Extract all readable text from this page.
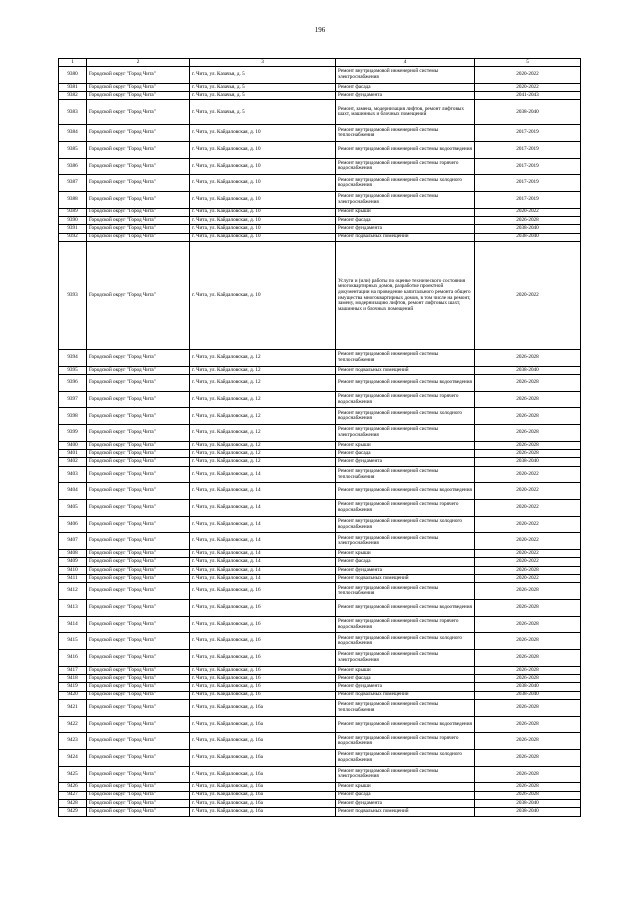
196
1	2	3	4	5
9380	Городской округ "Город Чита"	г. Чита, ул. Казачья, д. 5	Ремонт внутридомовой инженерной системы электроснабжения	2020-2022
9381	Городской округ "Город Чита"	г. Чита, ул. Казачья, д. 5	Ремонт фасада	2020-2022
9382	Городской округ "Город Чита"	г. Чита, ул. Казачья, д. 5	Ремонт фундамента	2041-2043
9383	Городской округ "Город Чита"	г. Чита, ул. Казачья, д. 5	Ремонт, замена, модернизация лифтов, ремонт лифтовых шахт, машинных и блочных помещений	2038-2040
9384	Городской округ "Город Чита"	г. Чита, ул. Кайдаловская, д. 10	Ремонт внутридомовой инженерной системы теплоснабжения	2017-2019
9385	Городской округ "Город Чита"	г. Чита, ул. Кайдаловская, д. 10	Ремонт внутридомовой инженерной системы водоотведения	2017-2019
9386	Городской округ "Город Чита"	г. Чита, ул. Кайдаловская, д. 10	Ремонт внутридомовой инженерной системы горячего водоснабжения	2017-2019
9387	Городской округ "Город Чита"	г. Чита, ул. Кайдаловская, д. 10	Ремонт внутридомовой инженерной системы холодного водоснабжения	2017-2019
9388	Городской округ "Город Чита"	г. Чита, ул. Кайдаловская, д. 10	Ремонт внутридомовой инженерной системы электроснабжения	2017-2019
9389	Городской округ "Город Чита"	г. Чита, ул. Кайдаловская, д. 10	Ремонт крыши	2020-2022
9390	Городской округ "Город Чита"	г. Чита, ул. Кайдаловская, д. 10	Ремонт фасада	2026-2028
9391	Городской округ "Город Чита"	г. Чита, ул. Кайдаловская, д. 10	Ремонт фундамента	2038-2040
9392	Городской округ "Город Чита"	г. Чита, ул. Кайдаловская, д. 10	Ремонт подвальных помещений	2038-2040
9393	Городской округ "Город Чита"	г. Чита, ул. Кайдаловская, д. 10	Услуги и (или) работы по оценке технического состояния многоквартирных домов, разработке проектной документации на проведение капитального ремонта общего имущества многоквартирных домов, в том числе на ремонт, замену, модернизацию лифтов, ремонт лифтовых шахт, машинных и блочных помещений	2020-2022
9394	Городской округ "Город Чита"	г. Чита, ул. Кайдаловская, д. 12	Ремонт внутридомовой инженерной системы теплоснабжения	2026-2028
9395	Городской округ "Город Чита"	г. Чита, ул. Кайдаловская, д. 12	Ремонт подвальных помещений	2038-2040
9396	Городской округ "Город Чита"	г. Чита, ул. Кайдаловская, д. 12	Ремонт внутридомовой инженерной системы водоотведения	2026-2028
9397	Городской округ "Город Чита"	г. Чита, ул. Кайдаловская, д. 12	Ремонт внутридомовой инженерной системы горячего водоснабжения	2026-2028
9398	Городской округ "Город Чита"	г. Чита, ул. Кайдаловская, д. 12	Ремонт внутридомовой инженерной системы холодного водоснабжения	2026-2028
9399	Городской округ "Город Чита"	г. Чита, ул. Кайдаловская, д. 12	Ремонт внутридомовой инженерной системы электроснабжения	2026-2028
9400	Городской округ "Город Чита"	г. Чита, ул. Кайдаловская, д. 12	Ремонт крыши	2026-2028
9401	Городской округ "Город Чита"	г. Чита, ул. Кайдаловская, д. 12	Ремонт фасада	2026-2028
9402	Городской округ "Город Чита"	г. Чита, ул. Кайдаловская, д. 12	Ремонт фундамента	2038-2040
9403	Городской округ "Город Чита"	г. Чита, ул. Кайдаловская, д. 14	Ремонт внутридомовой инженерной системы теплоснабжения	2020-2022
9404	Городской округ "Город Чита"	г. Чита, ул. Кайдаловская, д. 14	Ремонт внутридомовой инженерной системы водоотведения	2020-2022
9405	Городской округ "Город Чита"	г. Чита, ул. Кайдаловская, д. 14	Ремонт внутридомовой инженерной системы горячего водоснабжения	2020-2022
9406	Городской округ "Город Чита"	г. Чита, ул. Кайдаловская, д. 14	Ремонт внутридомовой инженерной системы холодного водоснабжения	2020-2022
9407	Городской округ "Город Чита"	г. Чита, ул. Кайдаловская, д. 14	Ремонт внутридомовой инженерной системы электроснабжения	2020-2022
9408	Городской округ "Город Чита"	г. Чита, ул. Кайдаловская, д. 14	Ремонт крыши	2020-2022
9409	Городской округ "Город Чита"	г. Чита, ул. Кайдаловская, д. 14	Ремонт фасада	2020-2022
9410	Городской округ "Город Чита"	г. Чита, ул. Кайдаловская, д. 14	Ремонт фундамента	2026-2028
9411	Городской округ "Город Чита"	г. Чита, ул. Кайдаловская, д. 14	Ремонт подвальных помещений	2020-2022
9412	Городской округ "Город Чита"	г. Чита, ул. Кайдаловская, д. 16	Ремонт внутридомовой инженерной системы теплоснабжения	2026-2028
9413	Городской округ "Город Чита"	г. Чита, ул. Кайдаловская, д. 16	Ремонт внутридомовой инженерной системы водоотведения	2026-2028
9414	Городской округ "Город Чита"	г. Чита, ул. Кайдаловская, д. 16	Ремонт внутридомовой инженерной системы горячего водоснабжения	2026-2028
9415	Городской округ "Город Чита"	г. Чита, ул. Кайдаловская, д. 16	Ремонт внутридомовой инженерной системы холодного водоснабжения	2026-2028
9416	Городской округ "Город Чита"	г. Чита, ул. Кайдаловская, д. 16	Ремонт внутридомовой инженерной системы электроснабжения	2026-2028
9417	Городской округ "Город Чита"	г. Чита, ул. Кайдаловская, д. 16	Ремонт крыши	2026-2028
9418	Городской округ "Город Чита"	г. Чита, ул. Кайдаловская, д. 16	Ремонт фасада	2026-2028
9419	Городской округ "Город Чита"	г. Чита, ул. Кайдаловская, д. 16	Ремонт фундамента	2038-2040
9420	Городской округ "Город Чита"	г. Чита, ул. Кайдаловская, д. 16	Ремонт подвальных помещений	2038-2040
9421	Городской округ "Город Чита"	г. Чита, ул. Кайдаловская, д. 16а	Ремонт внутридомовой инженерной системы теплоснабжения	2026-2028
9422	Городской округ "Город Чита"	г. Чита, ул. Кайдаловская, д. 16а	Ремонт внутридомовой инженерной системы водоотведения	2026-2028
9423	Городской округ "Город Чита"	г. Чита, ул. Кайдаловская, д. 16а	Ремонт внутридомовой инженерной системы горячего водоснабжения	2026-2028
9424	Городской округ "Город Чита"	г. Чита, ул. Кайдаловская, д. 16а	Ремонт внутридомовой инженерной системы холодного водоснабжения	2026-2028
9425	Городской округ "Город Чита"	г. Чита, ул. Кайдаловская, д. 16а	Ремонт внутридомовой инженерной системы электроснабжения	2026-2028
9426	Городской округ "Город Чита"	г. Чита, ул. Кайдаловская, д. 16а	Ремонт крыши	2026-2028
9427	Городской округ "Город Чита"	г. Чита, ул. Кайдаловская, д. 16а	Ремонт фасада	2026-2028
9428	Городской округ "Город Чита"	г. Чита, ул. Кайдаловская, д. 16а	Ремонт фундамента	2038-2040
9429	Городской округ "Город Чита"	г. Чита, ул. Кайдаловская, д. 16а	Ремонт подвальных помещений	2038-2040
